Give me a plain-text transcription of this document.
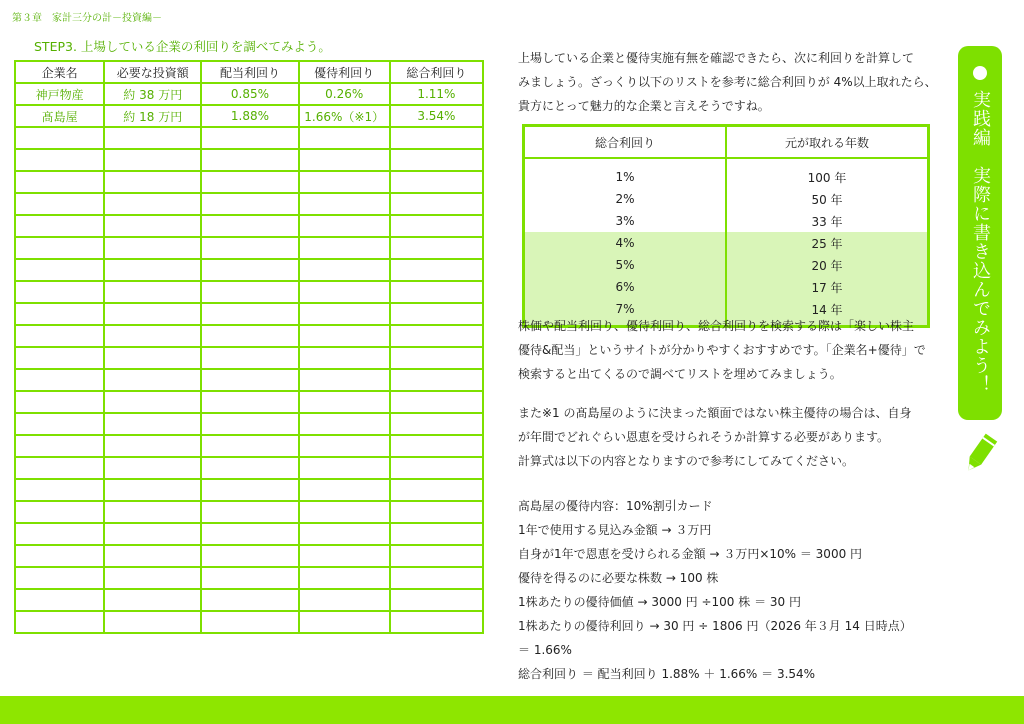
第３章　家計三分の計－投資編－
STEP3. 上場している企業の利回りを調べてみよう。
企業名	必要な投資額	配当利回り	優待利回り	総合利回り
神戸物産	約 38 万円	0.85%	0.26%	1.11%
髙島屋	約 18 万円	1.88%	1.66%（※1）	3.54%

上場している企業と優待実施有無を確認できたら、次に利回りを計算して
みましょう。ざっくり以下のリストを参考に総合利回りが 4%以上取れたら、
貴方にとって魅力的な企業と言えそうですね。
総合利回り	元が取れる年数
1%	100 年
2%	50 年
3%	33 年
4%	25 年
5%	20 年
6%	17 年
7%	14 年
株価や配当利回り、優待利回り、総合利回りを検索する際は「楽しい株主
優待&配当」というサイトが分かりやすくおすすめです。「企業名+優待」で
検索すると出てくるので調べてリストを埋めてみましょう。
また※1 の髙島屋のように決まった額面ではない株主優待の場合は、自身
が年間でどれぐらい恩恵を受けられそうか計算する必要があります。
計算式は以下の内容となりますので参考にしてみてください。
髙島屋の優待内容：10%割引カード
1年で使用する見込み金額 → ３万円
自身が1年で恩恵を受けられる金額 → ３万円×10% ＝ 3000 円
優待を得るのに必要な株数 → 100 株
1株あたりの優待価値 → 3000 円 ÷100 株 ＝ 30 円
1株あたりの優待利回り → 30 円 ÷ 1806 円（2026 年３月 14 日時点）
＝ 1.66%
総合利回り ＝ 配当利回り 1.88% ＋ 1.66% ＝ 3.54%
実践編　実際に書き込んでみよう！
